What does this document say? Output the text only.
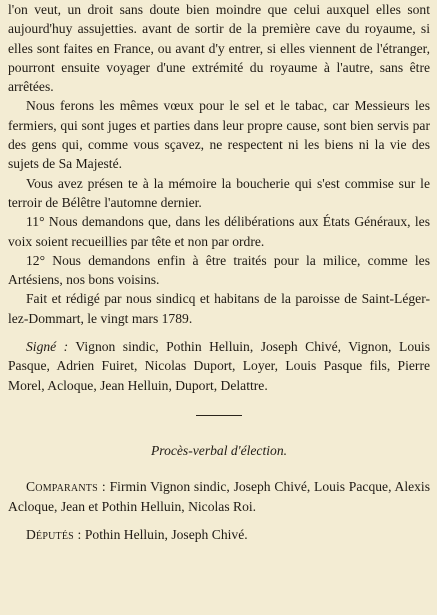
l'on veut, un droit sans doute bien moindre que celui auxquel elles sont aujourd'huy assujetties. avant de sortir de la première cave du royaume, si elles sont faites en France, ou avant d'y entrer, si elles viennent de l'étranger, pourront ensuite voyager d'une extrémité du royaume à l'autre, sans être arrêtées.

Nous ferons les mêmes vœux pour le sel et le tabac, car Messieurs les fermiers, qui sont juges et parties dans leur propre cause, sont bien servis par des gens qui, comme vous sçavez, ne respectent ni les biens ni la vie des sujets de Sa Majesté.

Vous avez présen te à la mémoire la boucherie qui s'est commise sur le terroir de Bélêtre l'automne dernier.

11° Nous demandons que, dans les délibérations aux États Généraux, les voix soient recueillies par tête et non par ordre.

12° Nous demandons enfin à être traités pour la milice, comme les Artésiens, nos bons voisins.

Fait et rédigé par nous sindicq et habitans de la paroisse de Saint-Léger-lez-Dommart, le vingt mars 1789.

Signé : Vignon sindic, Pothin Helluin, Joseph Chivé, Vignon, Louis Pasque, Adrien Fuiret, Nicolas Duport, Loyer, Louis Pasque fils, Pierre Morel, Acloque, Jean Helluin, Duport, Delattre.

Procès-verbal d'élection.

Comparants : Firmin Vignon sindic, Joseph Chivé, Louis Pacque, Alexis Acloque, Jean et Pothin Helluin, Nicolas Roi.

Députés : Pothin Helluin, Joseph Chivé.
